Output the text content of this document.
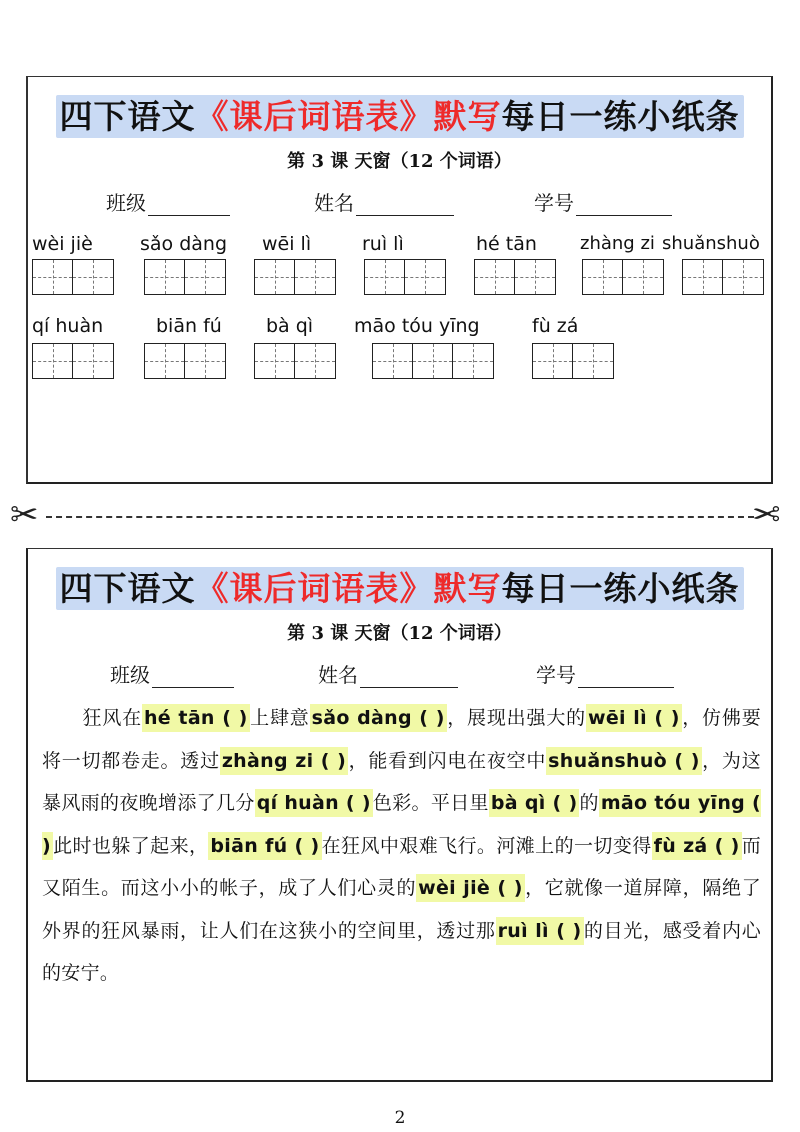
四下语文《课后词语表》默写每日一练小纸条
第 3 课 天窗（12 个词语）
班级	姓名	学号
wèi jiè sǎo dàng wēi lì	ruì lì	hé tān zhàng zi shuǎnshuò
qí huàn	biān fú bà qì māo tóu yīng	fù zá
✂	✂
四下语文《课后词语表》默写每日一练小纸条
第 3 课 天窗（12 个词语）
班级	姓名	学号
狂风在 hé tān ( ) 上肆意 sǎo dàng ( ) ，展现出强大的 wēi lì ( ) ，仿佛要将一切都卷走。透过 zhàng zi ( ) ，能看到闪电在夜空中 shuǎnshuò ( ) ，为这暴风雨的夜晚增添了几分 qí huàn ( ) 色彩。平日里 bà qì ( ) 的 māo tóu yīng ( ) 此时也躲了起来， biān fú ( ) 在狂风中艰难飞行。河滩上的一切变得 fù zá ( ) 而又陌生。而这小小的帐子，成了人们心灵的 wèi jiè ( ) ，它就像一道屏障，隔绝了外界的狂风暴雨，让人们在这狭小的空间里，透过那 ruì lì ( ) 的目光，感受着内心的安宁。
2
